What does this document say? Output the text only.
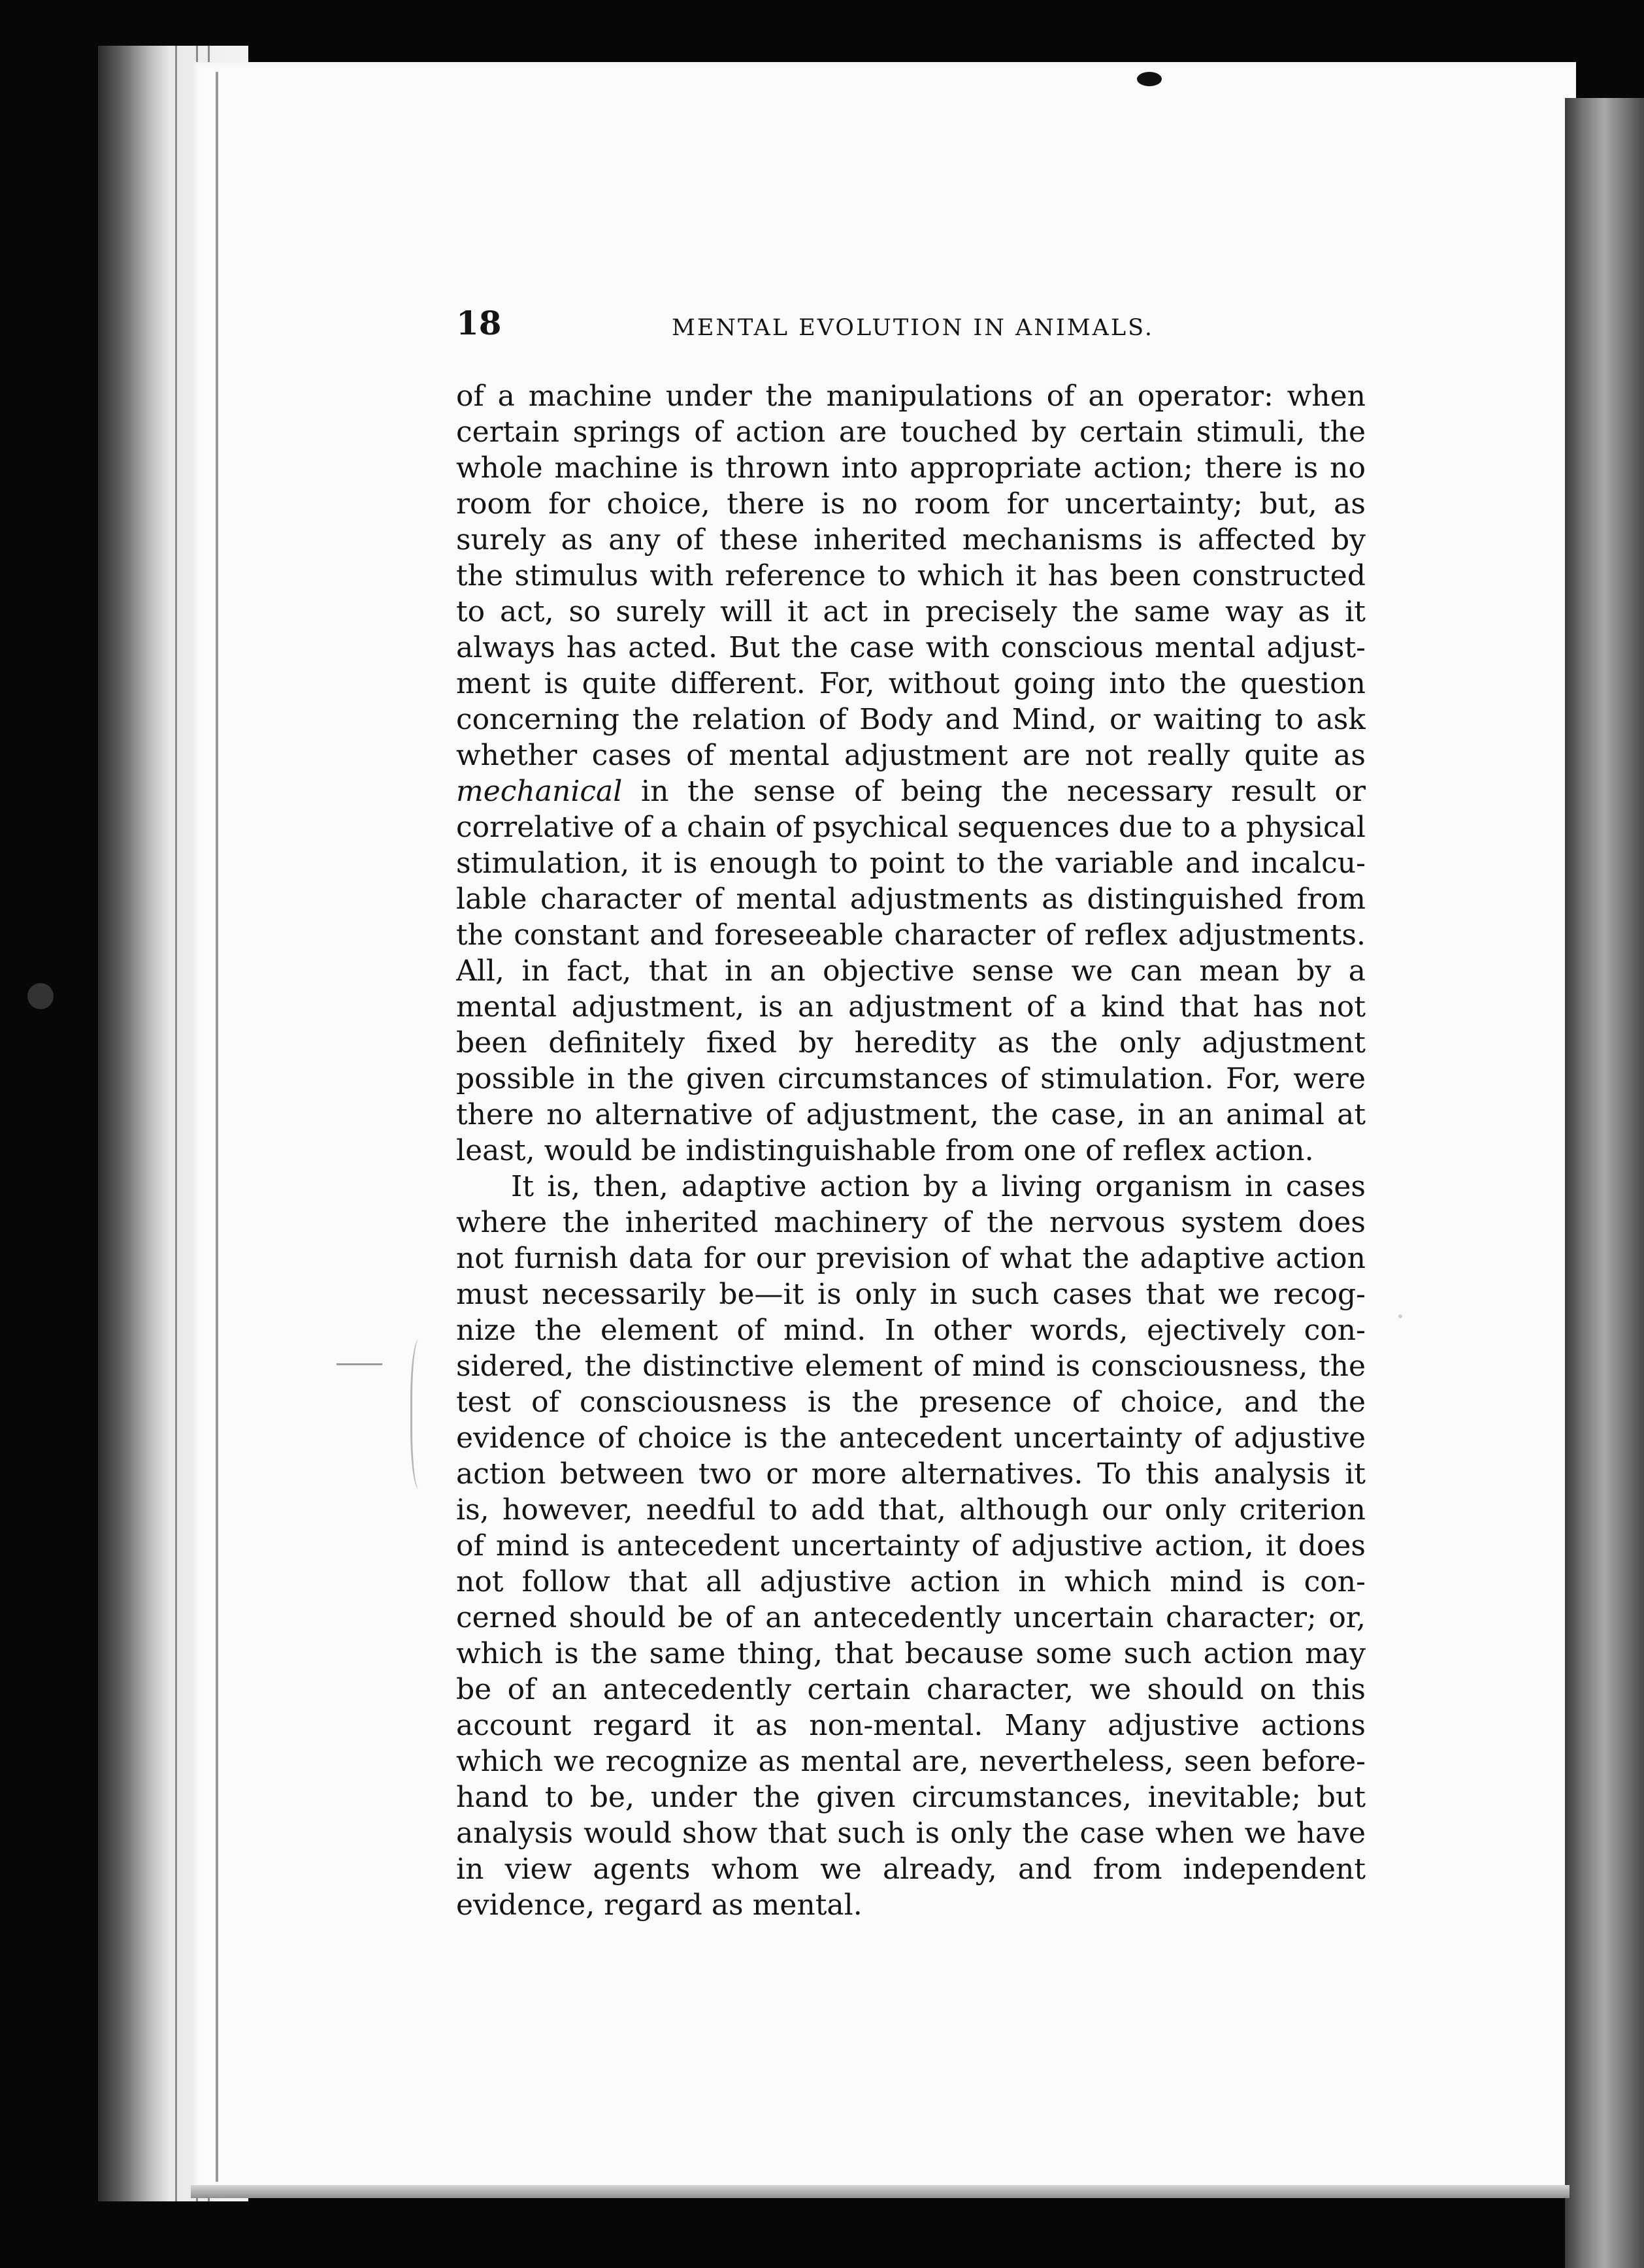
18	MENTAL EVOLUTION IN ANIMALS.
of a machine under the manipulations of an operator: when
certain springs of action are touched by certain stimuli, the
whole machine is thrown into appropriate action; there is no
room for choice, there is no room for uncertainty; but, as
surely as any of these inherited mechanisms is affected by
the stimulus with reference to which it has been constructed
to act, so surely will it act in precisely the same way as it
always has acted. But the case with conscious mental adjust-
ment is quite different. For, without going into the question
concerning the relation of Body and Mind, or waiting to ask
whether cases of mental adjustment are not really quite as
mechanical in the sense of being the necessary result or
correlative of a chain of psychical sequences due to a physical
stimulation, it is enough to point to the variable and incalcu-
lable character of mental adjustments as distinguished from
the constant and foreseeable character of reflex adjustments.
All, in fact, that in an objective sense we can mean by a
mental adjustment, is an adjustment of a kind that has not
been definitely fixed by heredity as the only adjustment
possible in the given circumstances of stimulation. For, were
there no alternative of adjustment, the case, in an animal at
least, would be indistinguishable from one of reflex action.
It is, then, adaptive action by a living organism in cases
where the inherited machinery of the nervous system does
not furnish data for our prevision of what the adaptive action
must necessarily be—it is only in such cases that we recog-
nize the element of mind. In other words, ejectively con-
sidered, the distinctive element of mind is consciousness, the
test of consciousness is the presence of choice, and the
evidence of choice is the antecedent uncertainty of adjustive
action between two or more alternatives. To this analysis it
is, however, needful to add that, although our only criterion
of mind is antecedent uncertainty of adjustive action, it does
not follow that all adjustive action in which mind is con-
cerned should be of an antecedently uncertain character; or,
which is the same thing, that because some such action may
be of an antecedently certain character, we should on this
account regard it as non-mental. Many adjustive actions
which we recognize as mental are, nevertheless, seen before-
hand to be, under the given circumstances, inevitable; but
analysis would show that such is only the case when we have
in view agents whom we already, and from independent
evidence, regard as mental.
